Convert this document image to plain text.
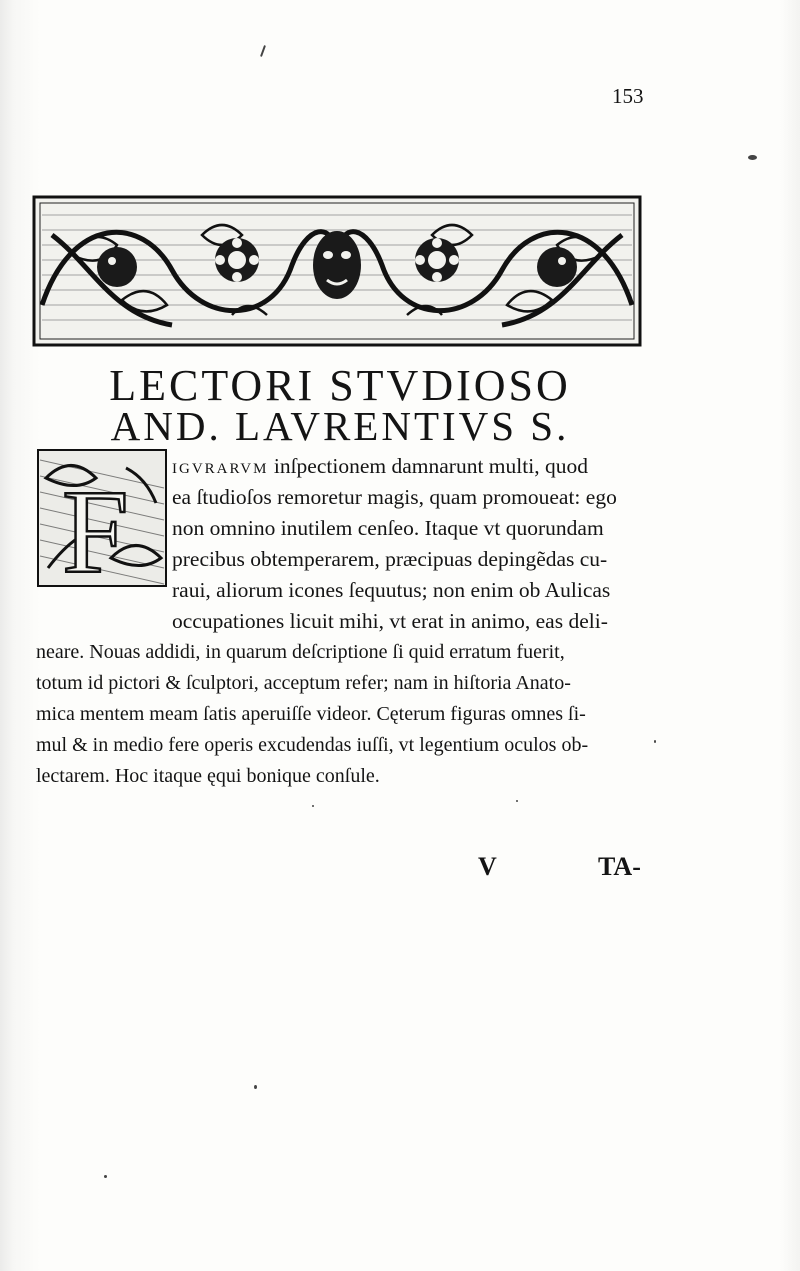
153
LECTORI STVDIOSO
AND. LAVRENTIVS S.
F	IGVRARVM inſpectionem damnarunt multi, quod
ea ſtudioſos remoretur magis, quam promoueat: ego
non omnino inutilem cenſeo. Itaque vt quorundam
precibus obtemperarem, præcipuas depingẽdas cu-
raui, aliorum icones ſequutus; non enim ob Aulicas
occupationes licuit mihi, vt erat in animo, eas deli-
neare. Nouas addidi, in quarum deſcriptione ſi quid erratum fuerit,
totum id pictori & ſculptori, acceptum refer; nam in hiſtoria Anato-
mica mentem meam ſatis aperuiſſe videor. Cęterum figuras omnes ſi-
mul & in medio fere operis excudendas iuſſi, vt legentium oculos ob-
lectarem. Hoc itaque ęqui bonique conſule.
V	TA-
